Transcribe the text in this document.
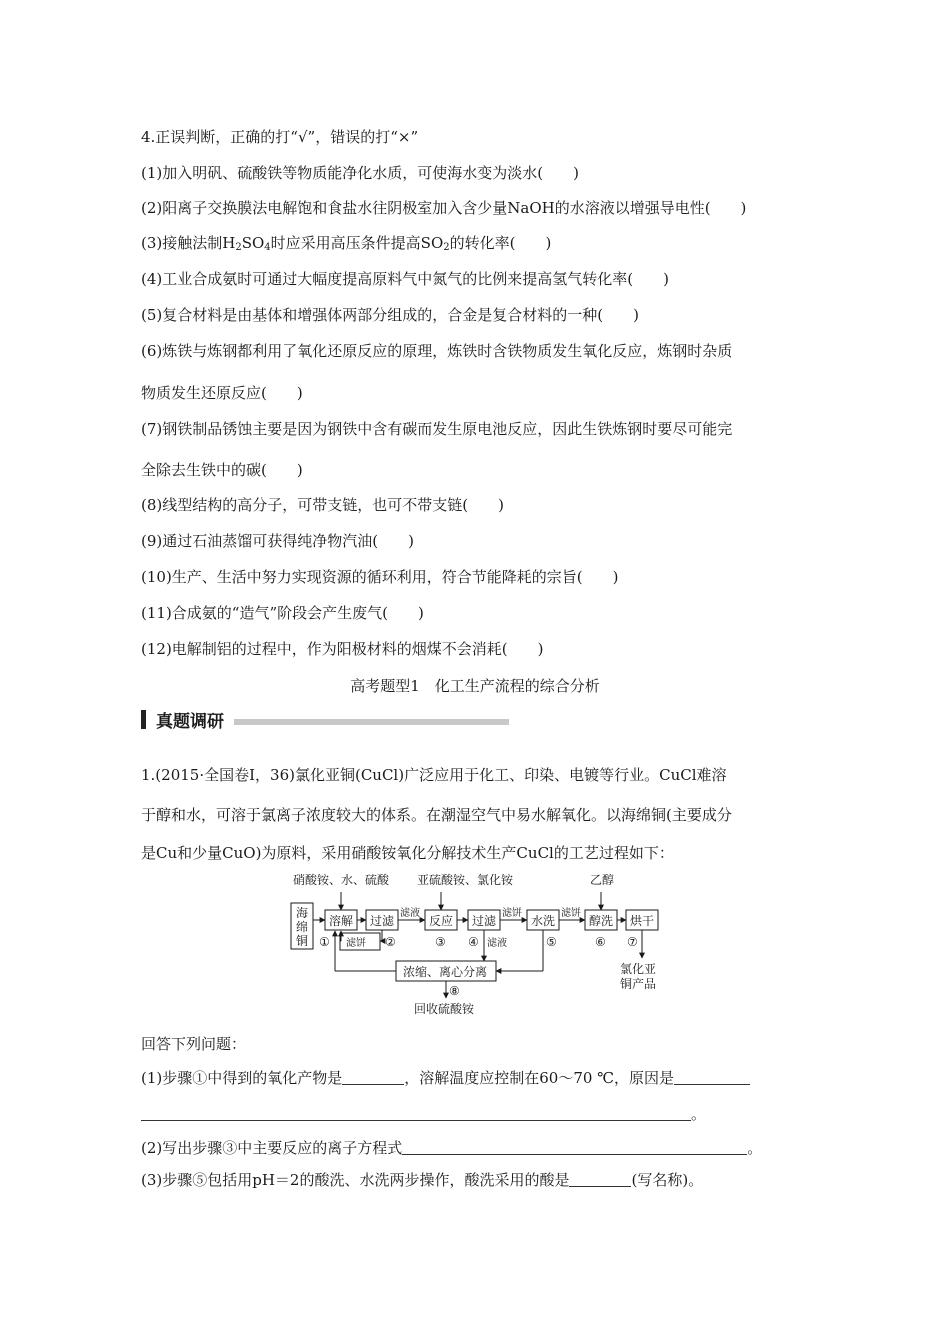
4.正误判断，正确的打“√”，错误的打“×”
(1)加入明矾、硫酸铁等物质能净化水质，可使海水变为淡水(　　)
(2)阳离子交换膜法电解饱和食盐水往阴极室加入含少量NaOH的水溶液以增强导电性(　　)
(3)接触法制$H_2SO_4$时应采用高压条件提高$SO_2$的转化率(　　)
(4)工业合成氨时可通过大幅度提高原料气中氮气的比例来提高氢气转化率(　　)
(5)复合材料是由基体和增强体两部分组成的，合金是复合材料的一种(　　)
(6)炼铁与炼钢都利用了氧化还原反应的原理，炼铁时含铁物质发生氧化反应，炼钢时杂质
物质发生还原反应(　　)
(7)钢铁制品锈蚀主要是因为钢铁中含有碳而发生原电池反应，因此生铁炼钢时要尽可能完
全除去生铁中的碳(　　)
(8)线型结构的高分子，可带支链，也可不带支链(　　)
(9)通过石油蒸馏可获得纯净物汽油(　　)
(10)生产、生活中努力实现资源的循环利用，符合节能降耗的宗旨(　　)
(11)合成氨的“造气”阶段会产生废气(　　)
(12)电解制铝的过程中，作为阳极材料的烟煤不会消耗(　　)
高考题型1　化工生产流程的综合分析
真题调研
1.(2015·全国卷Ⅰ，36)氯化亚铜(CuCl)广泛应用于化工、印染、电镀等行业。CuCl难溶
于醇和水，可溶于氯离子浓度较大的体系。在潮湿空气中易水解氧化。以海绵铜(主要成分
是Cu和少量CuO)为原料，采用硝酸铵氧化分解技术生产CuCl的工艺过程如下：
硝酸铵、水、硫酸 亚硫酸铵、氯化铵	乙醇
海
绵
铜
溶解 过滤	反应 过滤	水洗	醇洗 烘干
滤液	滤饼	滤饼
滤液
滤饼
①	②	③ ④	⑤	⑥ ⑦
⑧
浓缩、离心分离
回收硫酸铵
氯化亚
铜产品
回答下列问题：
(1)步骤①中得到的氧化产物是	，溶解温度应控制在60～70 ℃，原因是
。
(2)写出步骤③中主要反应的离子方程式	。
(3)步骤⑤包括用pH＝2的酸洗、水洗两步操作，酸洗采用的酸是	(写名称)。
